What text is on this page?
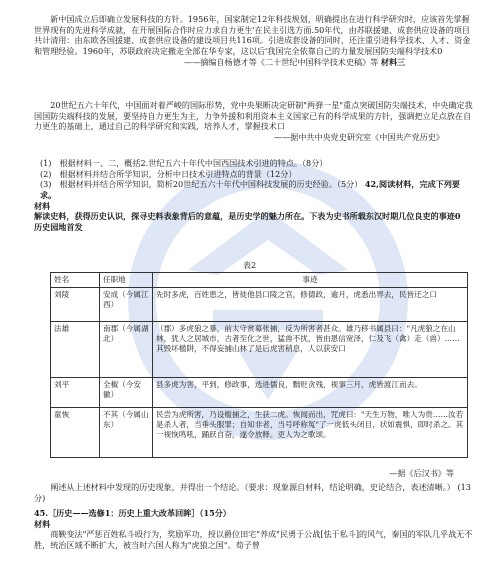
新中国成立后即确立发展科技的方针。1956年，国家制定12年科技规划，明确提出在进行科学研究时，应该首先掌握世界现有的先进科学成就，在开展国际合作时应力求自力更生'在民主引选方面.50年代，由苏联援建、成套供应设备的项目共计清用：由东欧各国援建、成套供应设备的建设项目共116项。引进成套设备的同时，还注重引进科学技术、人才、资金和管理经验。1960年，苏联政府决定撤走全部在华专家，这以后'我国完全依靠自己的力量发展国防尖端科学技术0

——摘编自杨德才等《二十世纪中国科学技术史稿》等 材料三

20世纪五六十年代，中国面对着严峻的国际形势，党中央果断决定研制"两弹一星"重点突破国防尖端技术，中央确定我国国防尖端科技的发展，要坚持自力更生为主，力争外援和利用资本主义国家已有的科学成果的方针，强调把立足点放在自力更生的基础上，通过自己的科学研究和实践，培养人才，掌握技术口

——据中共中央党史研究室《中国共产党历史》

(1)　根据材料一、二，概括2.世纪五六十年代中国西国技术引进的特点。（8分）

(2)　根据材料并结合所学知识，分析中日技术引进特点的背景（12分）

(3)　根据材料并结合所学知识，简析20世纪五六十年代中国科技发展的历史经验。（5分） 42,阅读材料，完成下列要求。

材料

解读史料，获得历史认识，探寻史料表象背后的意蕴，是历史学的魅力所在。下表为史书所载东汉时期几位良吏的事迹0

历史园地首发

表2
姓名	任职地	事迹
刘陵	安成（今属江西）	先时多虎，百姓患之，皆徙他县口陵之官，修德政，逾月，虎悉出界去，民皆还之口
法雄	南郡（今属湖北）	（郡）多虎狼之暴，前太守赏募张捕，反为所害者甚众。雄乃移书属县曰："凡虎狼之在山林，犹人之居城市，古者至化之世，猛兽不扰，皆由恩信宽泽，仁及飞（禽）走（兽）……其毁坏槛阱，不得妄捕山林了是后虎害稍息，人以获安口
刘平	全椒（今安徽）	县多虎为害，平到，修政事，选进儒良，黜贬贪残，视事三月，虎皆渡江而去。
童恢	不其（今属山东）	民尝为虎所害，乃设槛捕之，生获二虎。恢闻而出，咒虎曰："天生万物，唯人为贵……汝若是杀人者，当垂头服罪；自知非者，当号呼称冤"了一虎低头闭目，状如震惧，即时杀之。其一视恢鸣吼，踊跃自奋，遂令放释。吏人为之歌颂。

—据《后汉书》等

阐述从上述材料中发现的历史现象，并得出一个结论。（要求：现象源自材料，结论明确，史论结合，表述清晰。） (13分)

45.［历史——选修1：历史上重大改革回眸］（15分）

材料

商鞅变法"严惩百姓私斗殴行为，奖励军功，授以爵位田宅"养成"民勇于公战[怯于私斗]的风气，秦国的军队几乎战无不胜，统治区域不断扩大，被当时六国人称为"虎狼之国"。荀子曾
